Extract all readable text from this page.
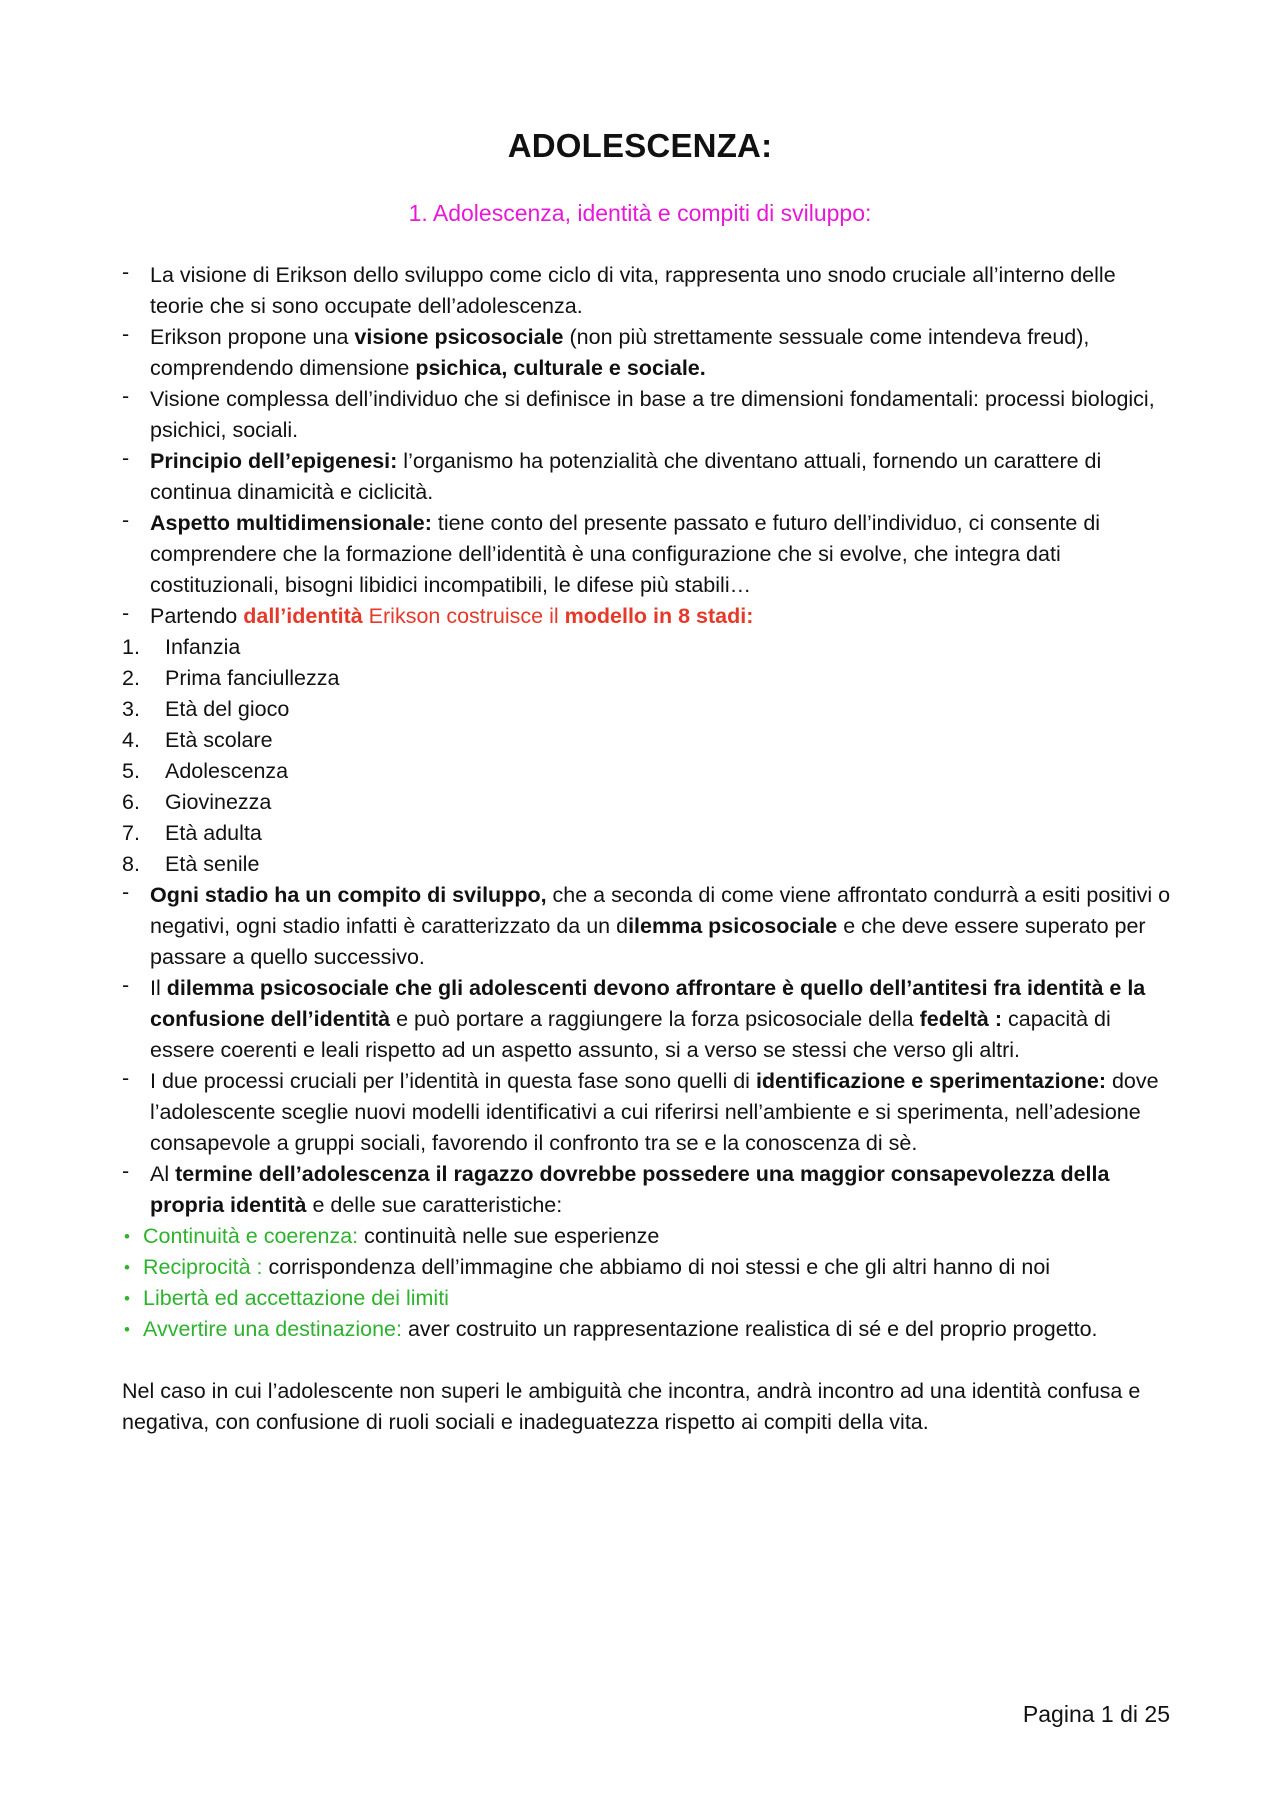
ADOLESCENZA:
1. Adolescenza, identità e compiti di sviluppo:

- La visione di Erikson dello sviluppo come ciclo di vita, rappresenta uno snodo cruciale all’interno delle teorie che si sono occupate dell’adolescenza.

- Erikson propone una visione psicosociale (non più strettamente sessuale come intendeva freud), comprendendo dimensione psichica, culturale e sociale.

- Visione complessa dell’individuo che si definisce in base a tre dimensioni fondamentali: processi biologici, psichici, sociali.

- Principio dell’epigenesi: l’organismo ha potenzialità che diventano attuali, fornendo un carattere di continua dinamicità e ciclicità.

- Aspetto multidimensionale: tiene conto del presente passato e futuro dell’individuo, ci consente di comprendere che la formazione dell’identità è una configurazione che si evolve, che integra dati costituzionali, bisogni libidici incompatibili, le difese più stabili…

- Partendo dall’identità Erikson costruisce il modello in 8 stadi:

1. Infanzia

2. Prima fanciullezza

3. Età del gioco

4. Età scolare

5. Adolescenza

6. Giovinezza

7. Età adulta

8. Età senile

- Ogni stadio ha un compito di sviluppo, che a seconda di come viene affrontato condurrà a esiti positivi o negativi, ogni stadio infatti è caratterizzato da un dilemma psicosociale e che deve essere superato per passare a quello successivo.

- Il dilemma psicosociale che gli adolescenti devono affrontare è quello dell’antitesi fra identità e la confusione dell’identità e può portare a raggiungere la forza psicosociale della fedeltà : capacità di essere coerenti e leali rispetto ad un aspetto assunto, si a verso se stessi che verso gli altri.

- I due processi cruciali per l’identità in questa fase sono quelli di identificazione e sperimentazione: dove l’adolescente sceglie nuovi modelli identificativi a cui riferirsi nell’ambiente e si sperimenta, nell’adesione consapevole a gruppi sociali, favorendo il confronto tra se e la conoscenza di sè.

- Al termine dell’adolescenza il ragazzo dovrebbe possedere una maggior consapevolezza della propria identità e delle sue caratteristiche:

• Continuità e coerenza: continuità nelle sue esperienze

• Reciprocità : corrispondenza dell’immagine che abbiamo di noi stessi e che gli altri hanno di noi

• Libertà ed accettazione dei limiti

• Avvertire una destinazione: aver costruito un rappresentazione realistica di sé e del proprio progetto.

Nel caso in cui l’adolescente non superi le ambiguità che incontra, andrà incontro ad una identità confusa e negativa, con confusione di ruoli sociali e inadeguatezza rispetto ai compiti della vita.

Pagina 1 di 25
